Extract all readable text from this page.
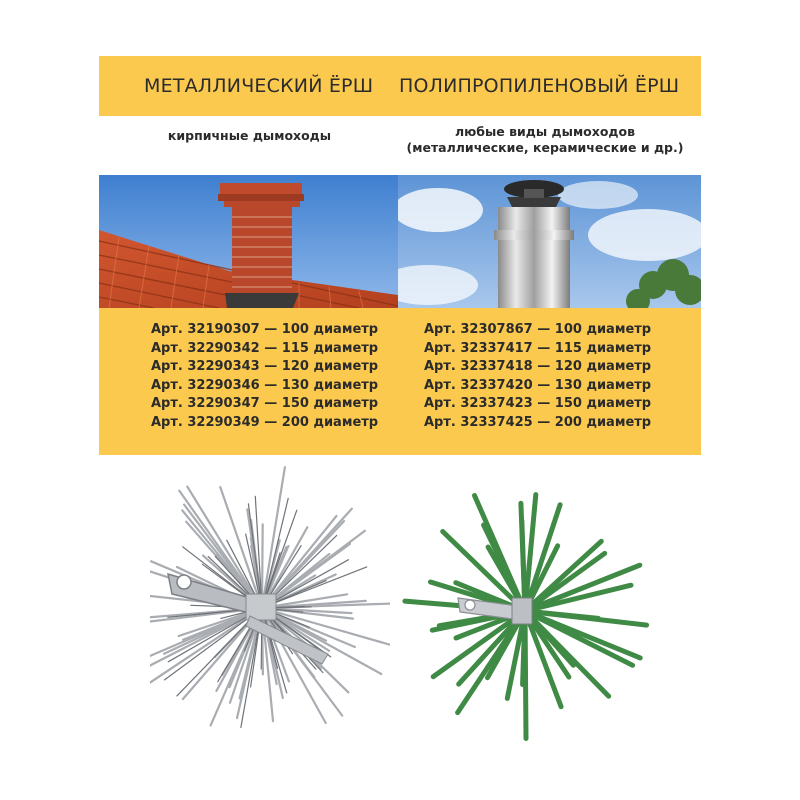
МЕТАЛЛИЧЕСКИЙ ЁРШ ПОЛИПРОПИЛЕНОВЫЙ ЁРШ
кирпичные дымоходы	любые виды дымоходов
(металлические, керамические и др.)
Арт. 32190307 — 100 диаметр
Арт. 32290342 — 115 диаметр
Арт. 32290343 — 120 диаметр
Арт. 32290346 — 130 диаметр
Арт. 32290347 — 150 диаметр
Арт. 32290349 — 200 диаметр
Арт. 32307867 — 100 диаметр
Арт. 32337417 — 115 диаметр
Арт. 32337418 — 120 диаметр
Арт. 32337420 — 130 диаметр
Арт. 32337423 — 150 диаметр
Арт. 32337425 — 200 диаметр
